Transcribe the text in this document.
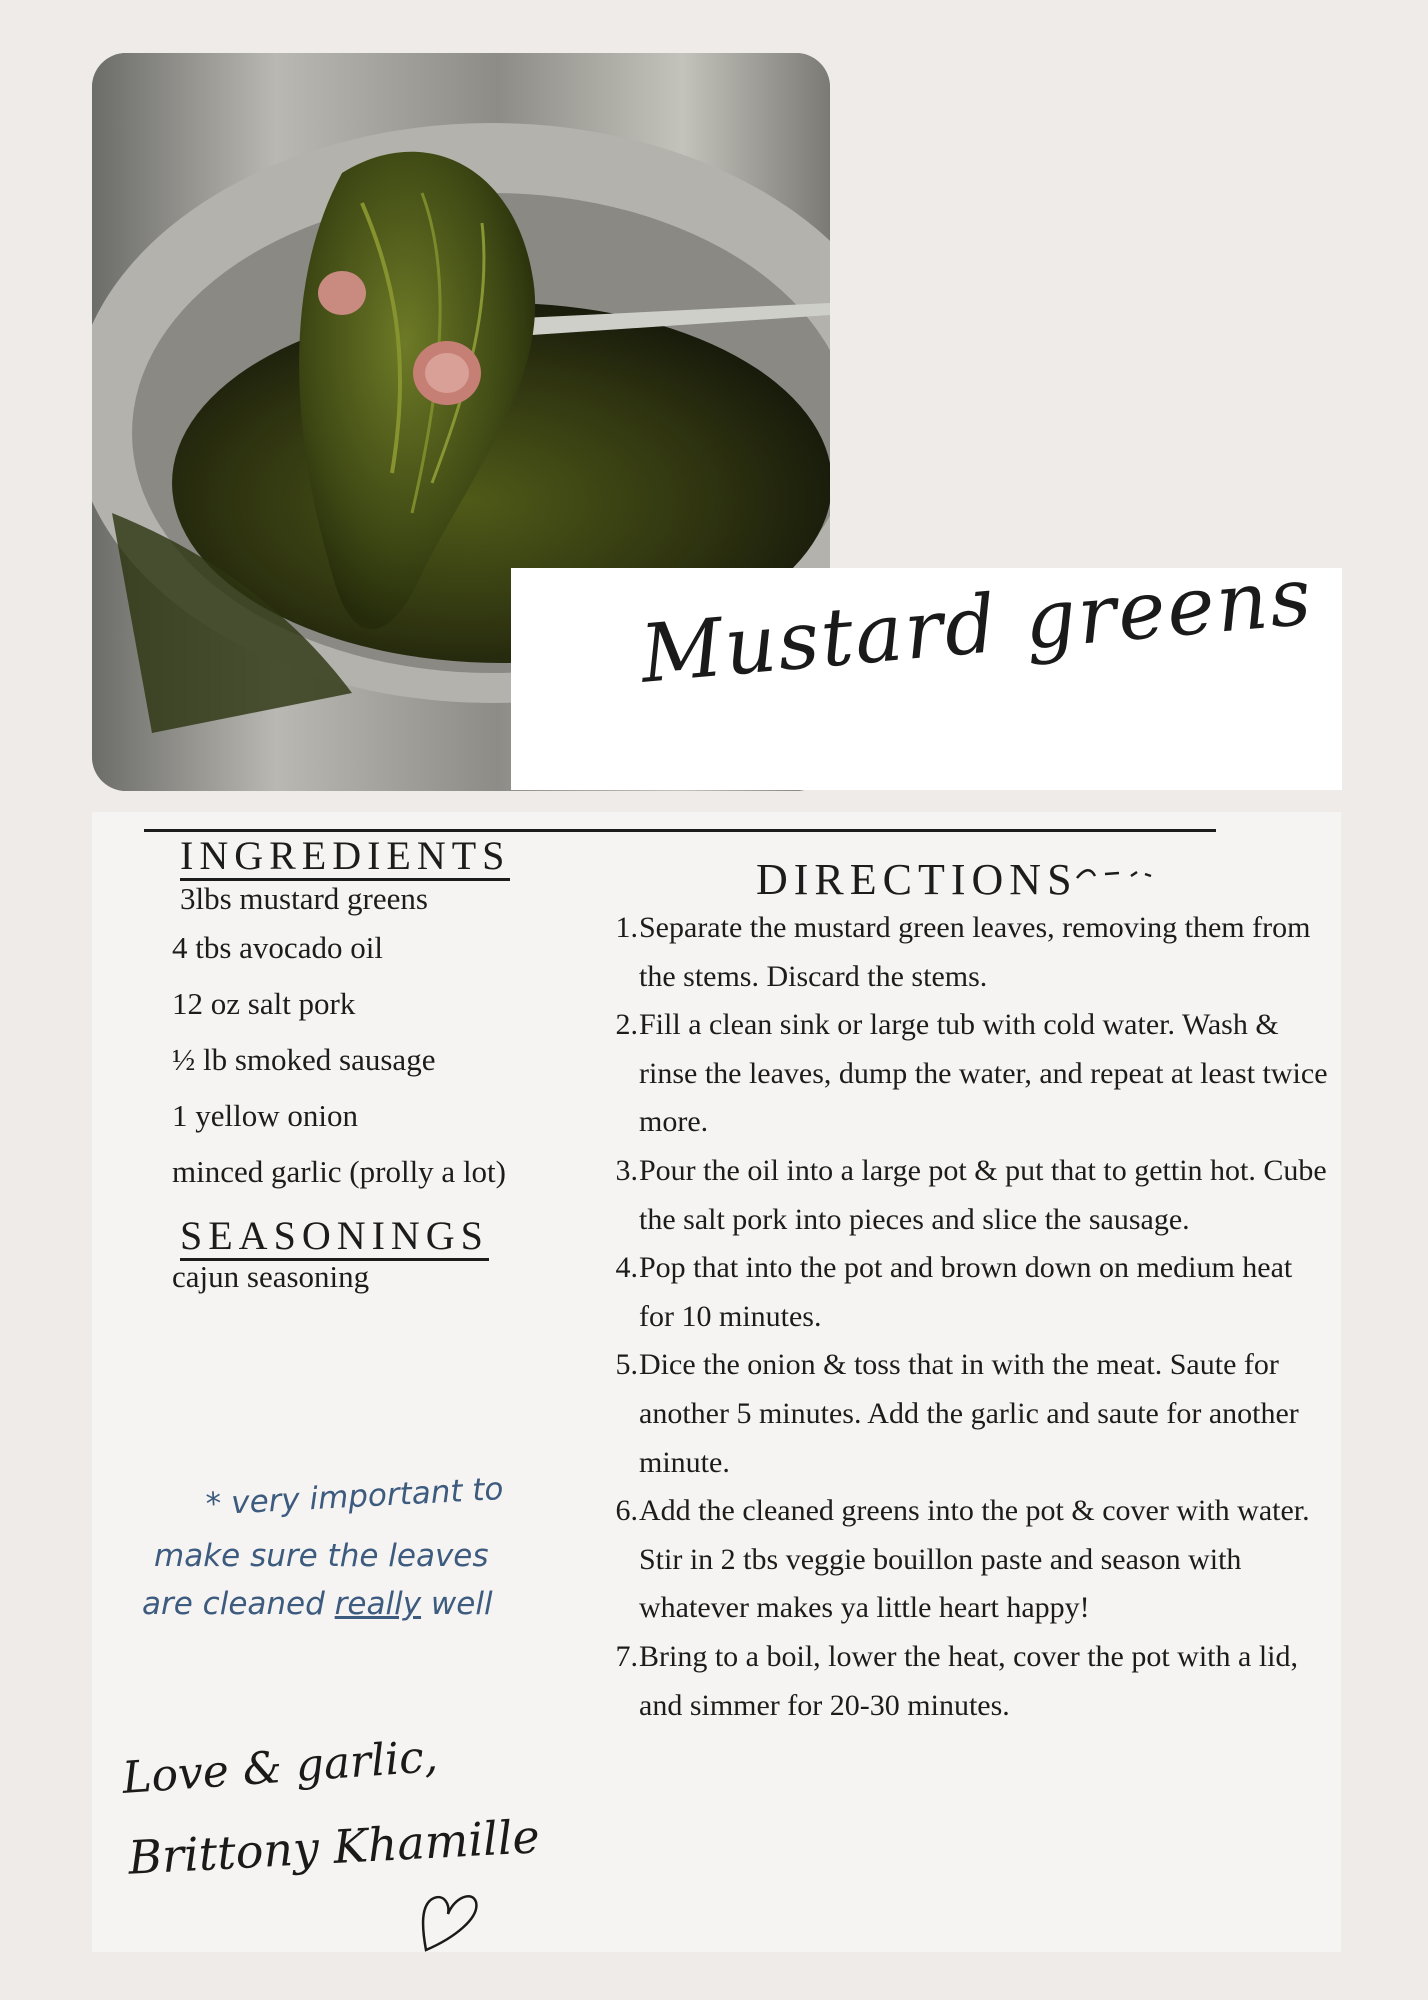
Mustard greens
INGREDIENTS
3lbs mustard greens
4 tbs avocado oil
12 oz salt pork
½ lb smoked sausage
1 yellow onion
minced garlic (prolly a lot)
SEASONINGS
cajun seasoning
DIRECTIONS
1. Separate the mustard green leaves, removing them from the stems. Discard the stems.
2. Fill a clean sink or large tub with cold water. Wash & rinse the leaves, dump the water, and repeat at least twice more.
3. Pour the oil into a large pot & put that to gettin hot. Cube the salt pork into pieces and slice the sausage.
4. Pop that into the pot and brown down on medium heat for 10 minutes.
5. Dice the onion & toss that in with the meat. Saute for another 5 minutes. Add the garlic and saute for another minute.
6. Add the cleaned greens into the pot & cover with water. Stir in 2 tbs veggie bouillon paste and season with whatever makes ya little heart happy!
7. Bring to a boil, lower the heat, cover the pot with a lid, and simmer for 20-30 minutes.
* very important to
make sure the leaves
are cleaned really well
Love & garlic,
Brittony Khamille
